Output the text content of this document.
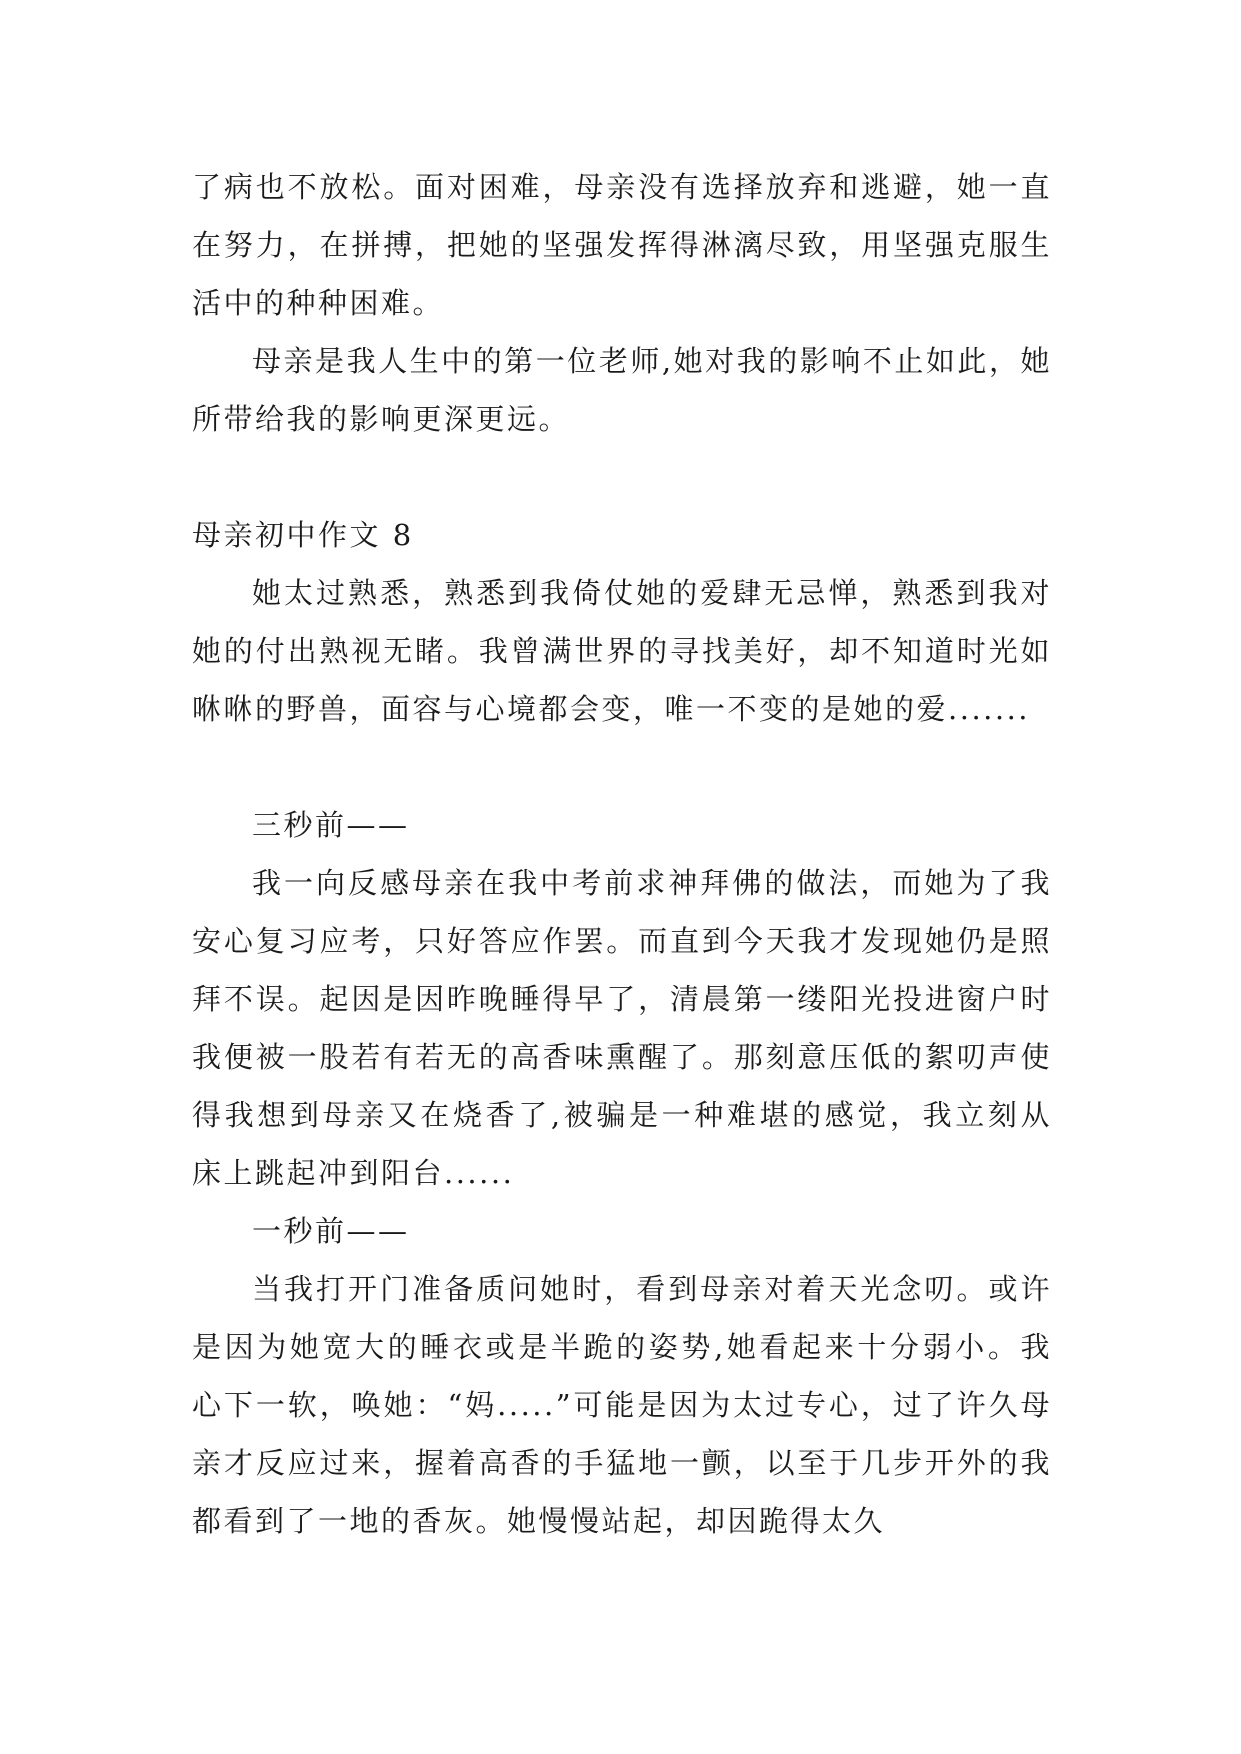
了病也不放松。面对困难，母亲没有选择放弃和逃避，她一直在努力，在拼搏，把她的坚强发挥得淋漓尽致，用坚强克服生活中的种种困难。

母亲是我人生中的第一位老师,她对我的影响不止如此，她所带给我的影响更深更远。

母亲初中作文 8

她太过熟悉，熟悉到我倚仗她的爱肆无忌惮，熟悉到我对她的付出熟视无睹。我曾满世界的寻找美好，却不知道时光如咻咻的野兽，面容与心境都会变，唯一不变的是她的爱.......

三秒前——

我一向反感母亲在我中考前求神拜佛的做法，而她为了我安心复习应考，只好答应作罢。而直到今天我才发现她仍是照拜不误。起因是因昨晚睡得早了，清晨第一缕阳光投进窗户时我便被一股若有若无的高香味熏醒了。那刻意压低的絮叨声使得我想到母亲又在烧香了,被骗是一种难堪的感觉，我立刻从床上跳起冲到阳台......

一秒前——

当我打开门准备质问她时，看到母亲对着天光念叨。或许是因为她宽大的睡衣或是半跪的姿势,她看起来十分弱小。我心下一软，唤她：“妈.....”可能是因为太过专心，过了许久母亲才反应过来，握着高香的手猛地一颤，以至于几步开外的我都看到了一地的香灰。她慢慢站起，却因跪得太久
